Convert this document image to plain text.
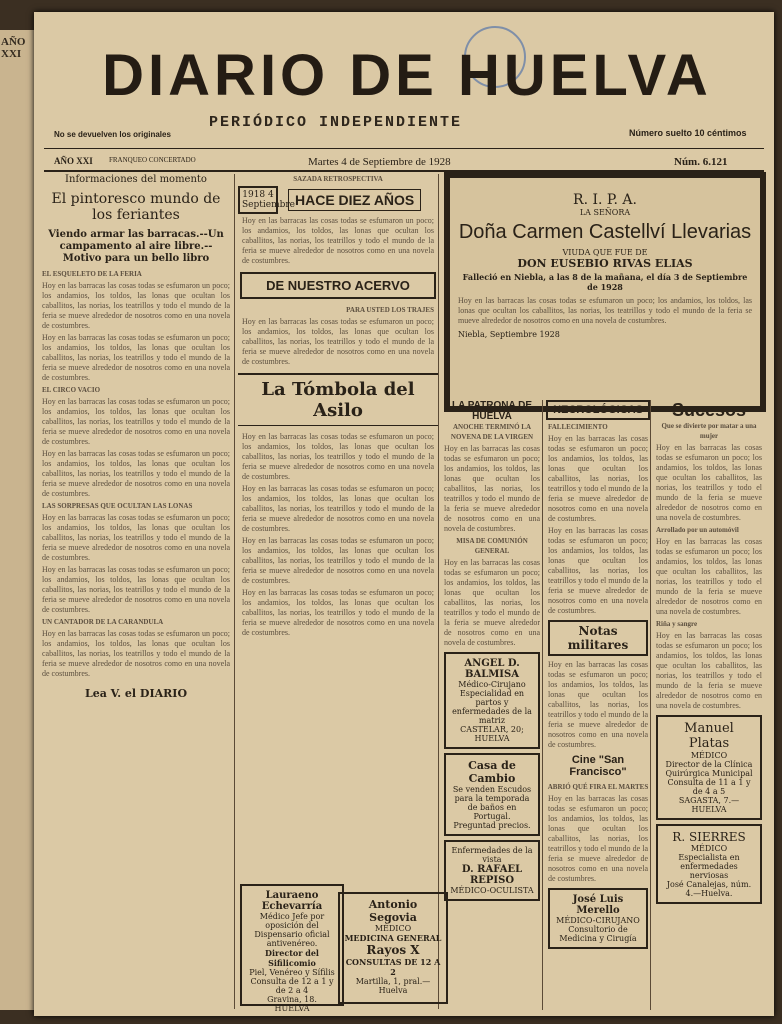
AÑO XXI	DIARIO DE HUELVA
PERIÓDICO INDEPENDIENTE
No se devuelven los originales	Número suelto 10 céntimos
AÑO XXI FRANQUEO CONCERTADO	Martes 4 de Septiembre de 1928	Núm. 6.121
Informaciones del momento
El pintoresco mundo de los feriantes
Viendo armar las barracas.--Un campamento al aire libre.--Motivo para un bello libro
EL ESQUELETO DE LA FERIA
Hoy en las barracas las cosas todas se esfumaron un poco; los andamios, los toldos, las lonas que ocultan los caballitos, las norias, los teatrillos y todo el mundo de la feria se mueve alrededor de nosotros como en una novela de costumbres.
Hoy en las barracas las cosas todas se esfumaron un poco; los andamios, los toldos, las lonas que ocultan los caballitos, las norias, los teatrillos y todo el mundo de la feria se mueve alrededor de nosotros como en una novela de costumbres.
EL CIRCO VACIO
Hoy en las barracas las cosas todas se esfumaron un poco; los andamios, los toldos, las lonas que ocultan los caballitos, las norias, los teatrillos y todo el mundo de la feria se mueve alrededor de nosotros como en una novela de costumbres.
Hoy en las barracas las cosas todas se esfumaron un poco; los andamios, los toldos, las lonas que ocultan los caballitos, las norias, los teatrillos y todo el mundo de la feria se mueve alrededor de nosotros como en una novela de costumbres.
LAS SORPRESAS QUE OCULTAN LAS LONAS
Hoy en las barracas las cosas todas se esfumaron un poco; los andamios, los toldos, las lonas que ocultan los caballitos, las norias, los teatrillos y todo el mundo de la feria se mueve alrededor de nosotros como en una novela de costumbres.
Hoy en las barracas las cosas todas se esfumaron un poco; los andamios, los toldos, las lonas que ocultan los caballitos, las norias, los teatrillos y todo el mundo de la feria se mueve alrededor de nosotros como en una novela de costumbres.
UN CANTADOR DE LA CARANDULA
Hoy en las barracas las cosas todas se esfumaron un poco; los andamios, los toldos, las lonas que ocultan los caballitos, las norias, los teatrillos y todo el mundo de la feria se mueve alrededor de nosotros como en una novela de costumbres.
Lea V. el DIARIO
SAZADA RETROSPECTIVA
1918 4 Septiembre HACE DIEZ AÑOS
Hoy en las barracas las cosas todas se esfumaron un poco; los andamios, los toldos, las lonas que ocultan los caballitos, las norias, los teatrillos y todo el mundo de la feria se mueve alrededor de nosotros como en una novela de costumbres.
DE NUESTRO ACERVO
PARA USTED LOS TRAJES
Hoy en las barracas las cosas todas se esfumaron un poco; los andamios, los toldos, las lonas que ocultan los caballitos, las norias, los teatrillos y todo el mundo de la feria se mueve alrededor de nosotros como en una novela de costumbres.
La Tómbola del Asilo
Hoy en las barracas las cosas todas se esfumaron un poco; los andamios, los toldos, las lonas que ocultan los caballitos, las norias, los teatrillos y todo el mundo de la feria se mueve alrededor de nosotros como en una novela de costumbres.
Hoy en las barracas las cosas todas se esfumaron un poco; los andamios, los toldos, las lonas que ocultan los caballitos, las norias, los teatrillos y todo el mundo de la feria se mueve alrededor de nosotros como en una novela de costumbres.
Hoy en las barracas las cosas todas se esfumaron un poco; los andamios, los toldos, las lonas que ocultan los caballitos, las norias, los teatrillos y todo el mundo de la feria se mueve alrededor de nosotros como en una novela de costumbres.
Hoy en las barracas las cosas todas se esfumaron un poco; los andamios, los toldos, las lonas que ocultan los caballitos, las norias, los teatrillos y todo el mundo de la feria se mueve alrededor de nosotros como en una novela de costumbres.
Lauraeno Echevarría
Médico Jefe por oposición del Dispensario oficial antivenéreo.
Director del Sifilicomio
Piel, Venéreo y Sífilis
Consulta de 12 a 1 y de 2 a 4
Gravina, 18.
HUELVA
R. I. P. A.
LA SEÑORA
Doña Carmen Castellví Llevarias
VIUDA QUE FUE DE
DON EUSEBIO RIVAS ELIAS
Falleció en Niebla, a las 8 de la mañana, el día 3 de Septiembre de 1928
Hoy en las barracas las cosas todas se esfumaron un poco; los andamios, los toldos, las lonas que ocultan los caballitos, las norias, los teatrillos y todo el mundo de la feria se mueve alrededor de nosotros como en una novela de costumbres.
Niebla, Septiembre 1928
LA PATRONA DE HUELVA
ANOCHE TERMINÓ LA NOVENA DE LA VIRGEN
Hoy en las barracas las cosas todas se esfumaron un poco; los andamios, los toldos, las lonas que ocultan los caballitos, las norias, los teatrillos y todo el mundo de la feria se mueve alrededor de nosotros como en una novela de costumbres.
MISA DE COMUNIÓN GENERAL
Hoy en las barracas las cosas todas se esfumaron un poco; los andamios, los toldos, las lonas que ocultan los caballitos, las norias, los teatrillos y todo el mundo de la feria se mueve alrededor de nosotros como en una novela de costumbres.
ANGEL D. BALMISA
Médico-Cirujano
Especialidad en partos y enfermedades de la matriz
CASTELAR, 20; HUELVA
Casa de Cambio
Se venden Escudos para la temporada de baños en Portugal.
Preguntad precios.
Enfermedades de la vista
D. RAFAEL REPISO
MÉDICO-OCULISTA
NECROLÓGICAS
FALLECIMIENTO
Hoy en las barracas las cosas todas se esfumaron un poco; los andamios, los toldos, las lonas que ocultan los caballitos, las norias, los teatrillos y todo el mundo de la feria se mueve alrededor de nosotros como en una novela de costumbres.
Hoy en las barracas las cosas todas se esfumaron un poco; los andamios, los toldos, las lonas que ocultan los caballitos, las norias, los teatrillos y todo el mundo de la feria se mueve alrededor de nosotros como en una novela de costumbres.
Notas militares
Hoy en las barracas las cosas todas se esfumaron un poco; los andamios, los toldos, las lonas que ocultan los caballitos, las norias, los teatrillos y todo el mundo de la feria se mueve alrededor de nosotros como en una novela de costumbres.
Cine "San Francisco"
ABRIÓ QUÉ FIRA EL MARTES
Hoy en las barracas las cosas todas se esfumaron un poco; los andamios, los toldos, las lonas que ocultan los caballitos, las norias, los teatrillos y todo el mundo de la feria se mueve alrededor de nosotros como en una novela de costumbres.
José Luis Merello
MÉDICO-CIRUJANO
Consultorio de Medicina y Cirugía
Sucesos
Que se divierte por matar a una mujer
Hoy en las barracas las cosas todas se esfumaron un poco; los andamios, los toldos, las lonas que ocultan los caballitos, las norias, los teatrillos y todo el mundo de la feria se mueve alrededor de nosotros como en una novela de costumbres.
Arrollado por un automóvil
Hoy en las barracas las cosas todas se esfumaron un poco; los andamios, los toldos, las lonas que ocultan los caballitos, las norias, los teatrillos y todo el mundo de la feria se mueve alrededor de nosotros como en una novela de costumbres.
Riña y sangre
Hoy en las barracas las cosas todas se esfumaron un poco; los andamios, los toldos, las lonas que ocultan los caballitos, las norias, los teatrillos y todo el mundo de la feria se mueve alrededor de nosotros como en una novela de costumbres.
Manuel Platas
MÉDICO
Director de la Clínica Quirúrgica Municipal
Consulta de 11 a 1 y de 4 a 5
SAGASTA, 7.—HUELVA
R. SIERRES
MÉDICO
Especialista en enfermedades nerviosas
José Canalejas, núm. 4.—Huelva.
Antonio Segovia
MÉDICO
MEDICINA GENERAL
Rayos X
CONSULTAS DE 12 A 2
Martilla, 1, pral.—Huelva
